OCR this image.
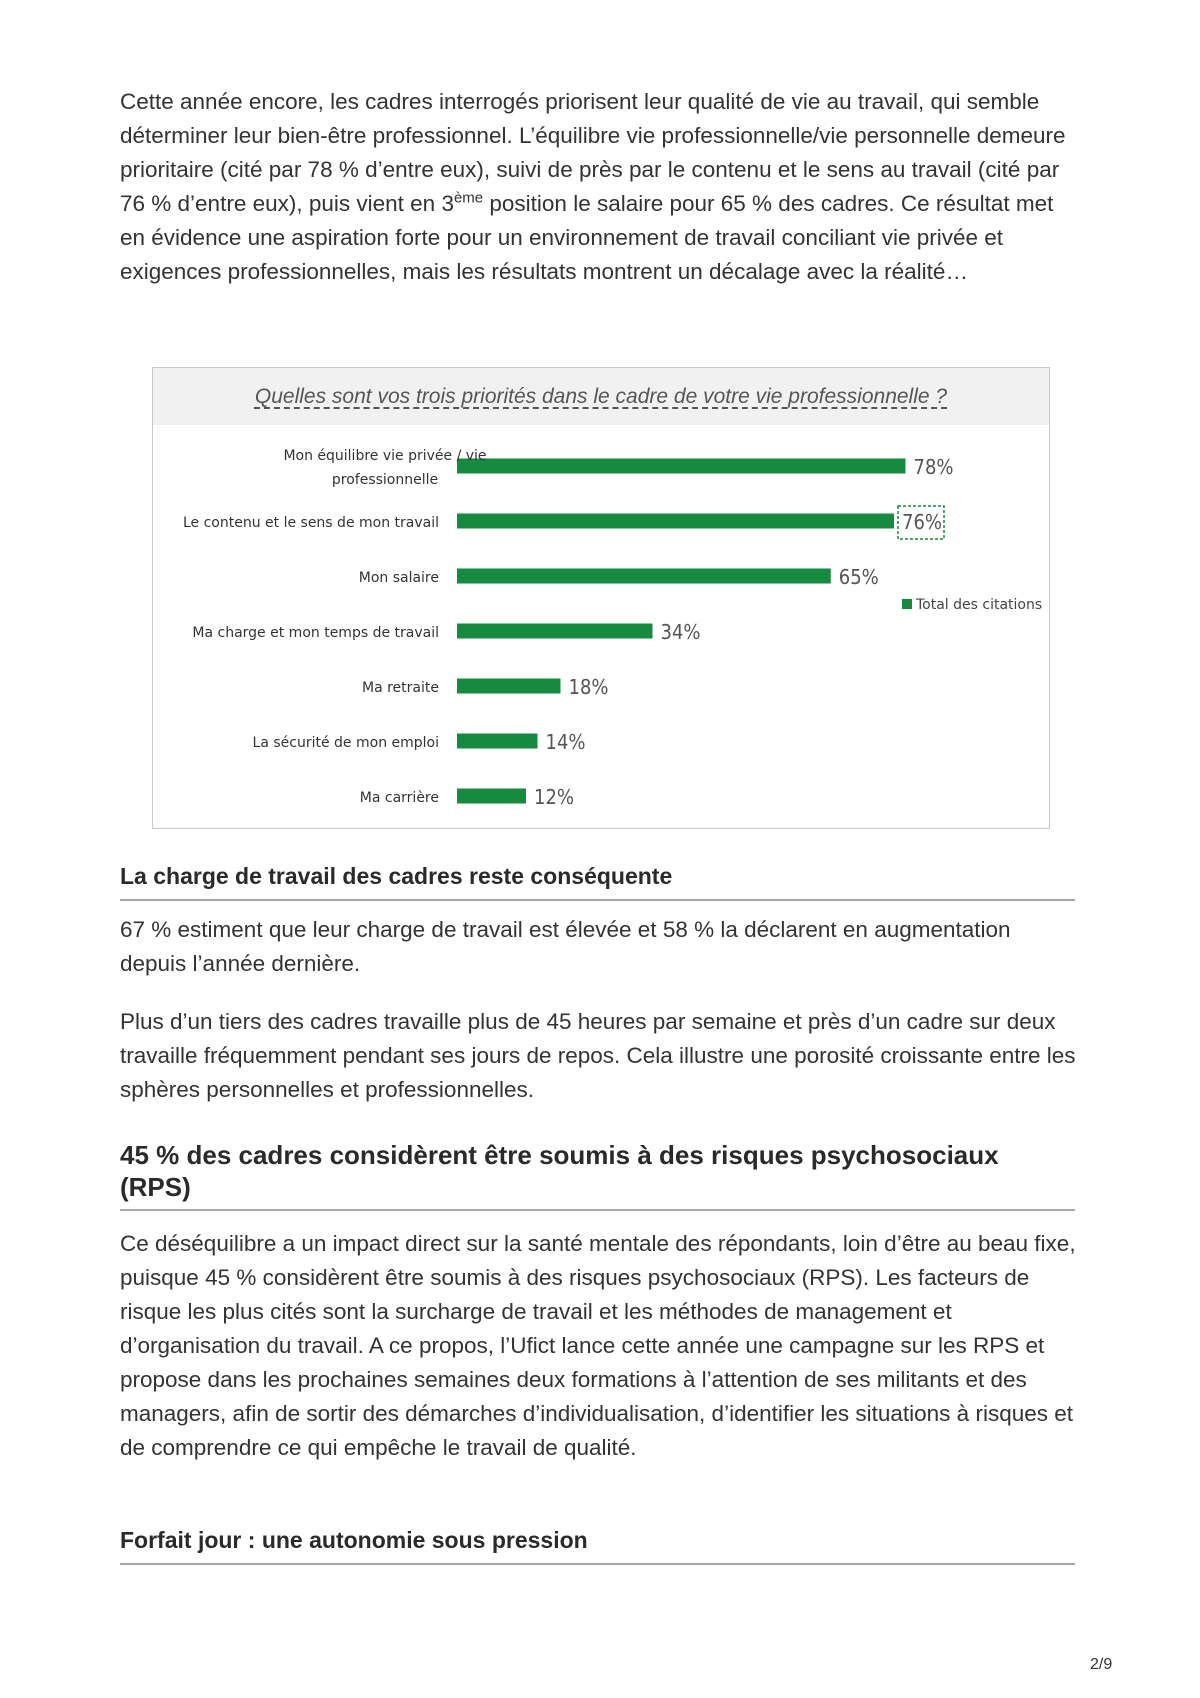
Cette année encore, les cadres interrogés priorisent leur qualité de vie au travail, qui semble déterminer leur bien-être professionnel. L’équilibre vie professionnelle/vie personnelle demeure prioritaire (cité par 78 % d’entre eux), suivi de près par le contenu et le sens au travail (cité par 76 % d’entre eux), puis vient en 3ème position le salaire pour 65 % des cadres. Ce résultat met en évidence une aspiration forte pour un environnement de travail conciliant vie privée et exigences professionnelles, mais les résultats montrent un décalage avec la réalité…

Quelles sont vos trois priorités dans le cadre de votre vie professionnelle ?
Mon équilibre vie privée / vie
professionnelle
78%
Le contenu et le sens de mon travail	76%
Mon salaire	65%
Ma charge et mon temps de travail	34%
Ma retraite	18%
La sécurité de mon emploi	14%
Ma carrière	12%
Total des citations
La charge de travail des cadres reste conséquente

67 % estiment que leur charge de travail est élevée et 58 % la déclarent en augmentation depuis l’année dernière.

Plus d’un tiers des cadres travaille plus de 45 heures par semaine et près d’un cadre sur deux travaille fréquemment pendant ses jours de repos. Cela illustre une porosité croissante entre les sphères personnelles et professionnelles.

45 % des cadres considèrent être soumis à des risques psychosociaux (RPS)

Ce déséquilibre a un impact direct sur la santé mentale des répondants, loin d’être au beau fixe, puisque 45 % considèrent être soumis à des risques psychosociaux (RPS). Les facteurs de risque les plus cités sont la surcharge de travail et les méthodes de management et d’organisation du travail. A ce propos, l’Ufict lance cette année une campagne sur les RPS et propose dans les prochaines semaines deux formations à l’attention de ses militants et des managers, afin de sortir des démarches d’individualisation, d’identifier les situations à risques et de comprendre ce qui empêche le travail de qualité.

Forfait jour : une autonomie sous pression
2/9
